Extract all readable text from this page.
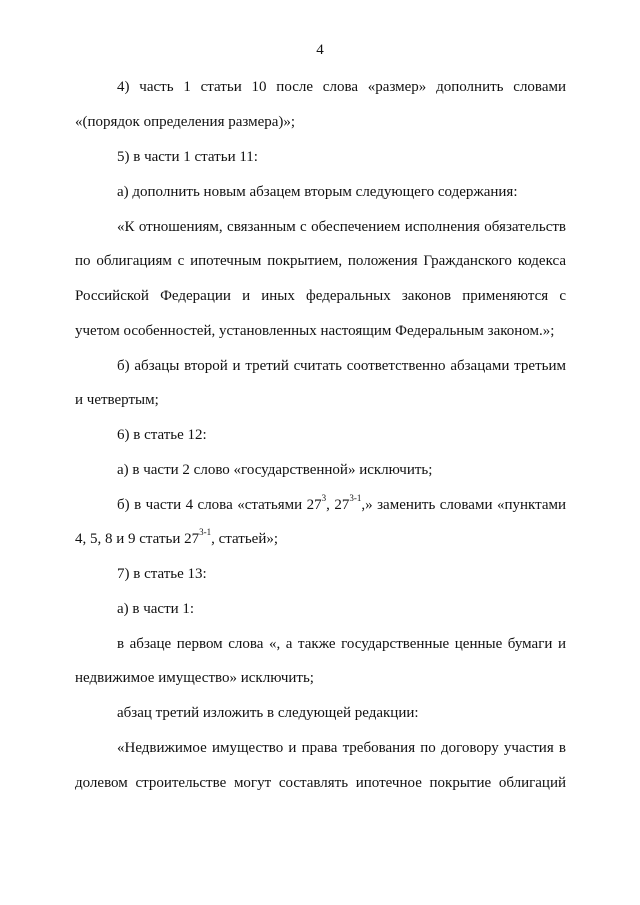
4
4) часть 1 статьи 10 после слова «размер» дополнить словами
«(порядок определения размера)»;
5) в части 1 статьи 11:
а) дополнить новым абзацем вторым следующего содержания:
«К отношениям, связанным с обеспечением исполнения обязательств
по облигациям с ипотечным покрытием, положения Гражданского кодекса
Российской Федерации и иных федеральных законов применяются с
учетом особенностей, установленных настоящим Федеральным законом.»;
б) абзацы второй и третий считать соответственно абзацами третьим
и четвертым;
6) в статье 12:
а) в части 2 слово «государственной» исключить;
б) в части 4 слова «статьями $27^3$, 27$^{3-1}$,» заменить словами «пунктами
4, 5, 8 и 9 статьи 27$^{3-1}$, статьей»;
7) в статье 13:
а) в части 1:
в абзаце первом слова «, а также государственные ценные бумаги и
недвижимое имущество» исключить;
абзац третий изложить в следующей редакции:
«Недвижимое имущество и права требования по договору участия в
долевом строительстве могут составлять ипотечное покрытие облигаций
